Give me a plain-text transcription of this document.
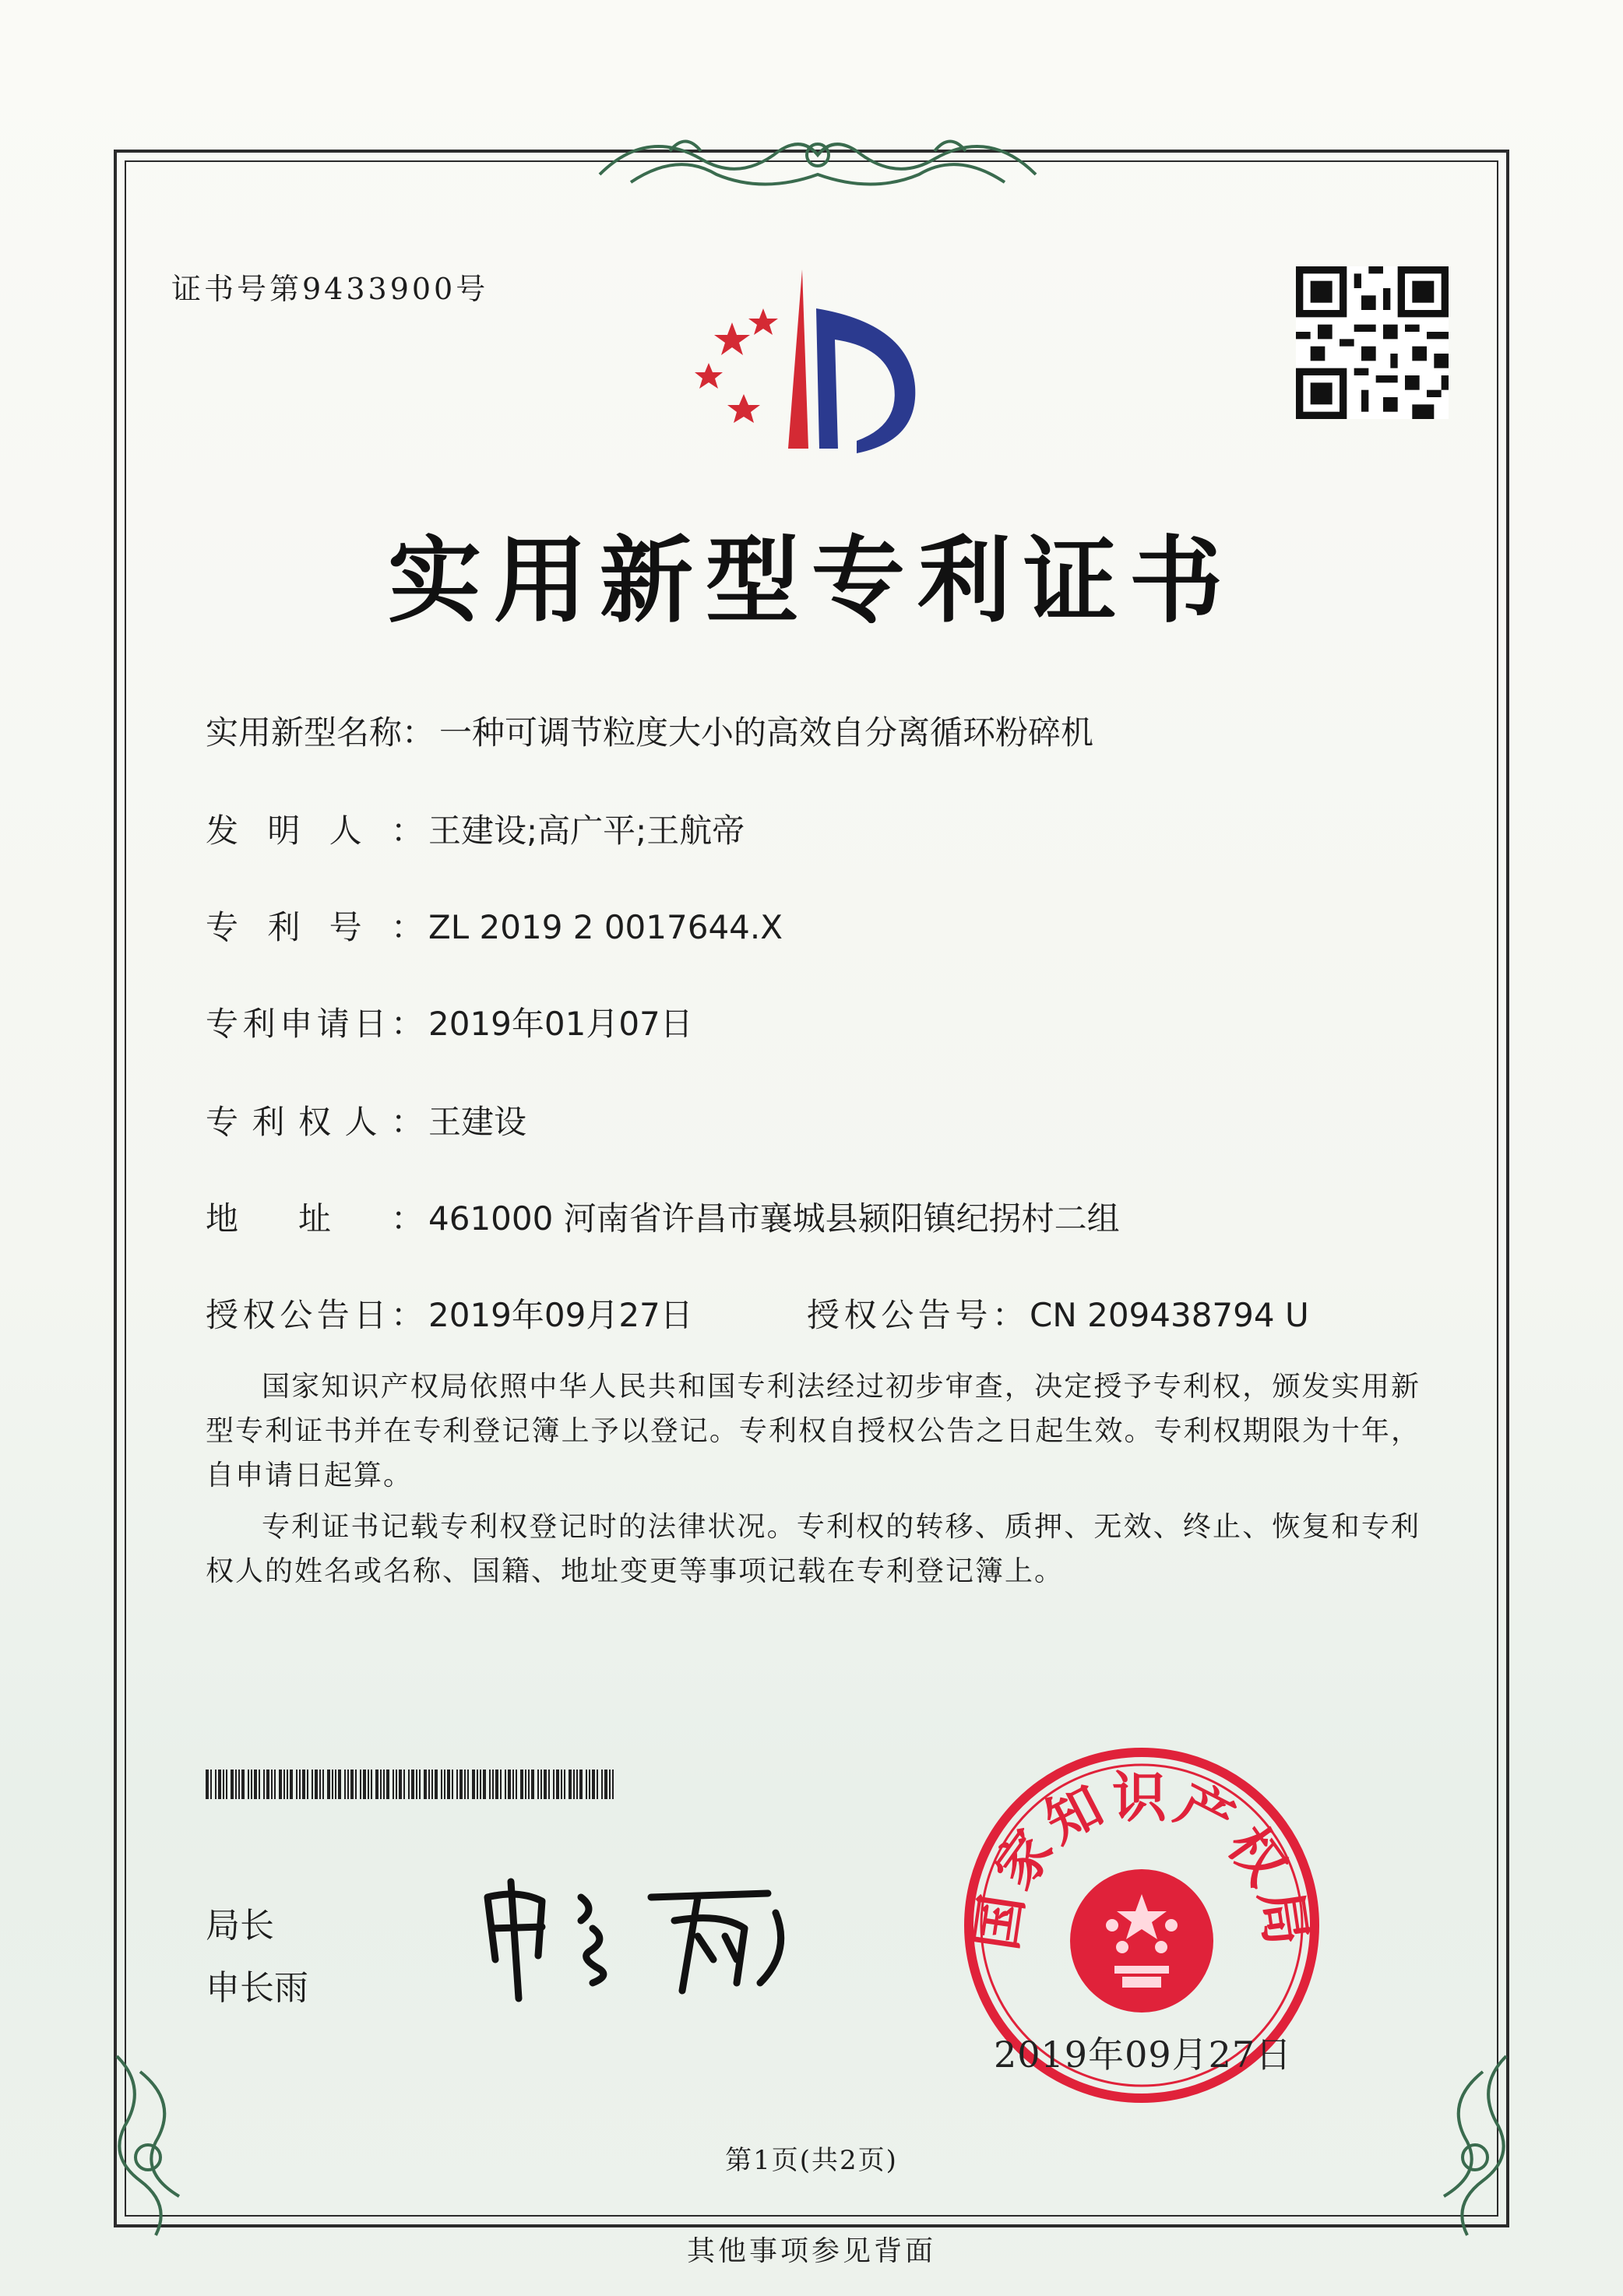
证书号第9433900号
实用新型专利证书
实用新型名称： 一种可调节粒度大小的高效自分离循环粉碎机
发明人： 王建设;高广平;王航帝
专利号： ZL 2019 2 0017644.X
专利申请日： 2019年01月07日
专利权人： 王建设
地址： 461000 河南省许昌市襄城县颍阳镇纪拐村二组
授权公告日： 2019年09月27日	授权公告号： CN 209438794 U
国家知识产权局依照中华人民共和国专利法经过初步审查，决定授予专利权，颁发实用新型专利证书并在专利登记簿上予以登记。专利权自授权公告之日起生效。专利权期限为十年，自申请日起算。
专利证书记载专利权登记时的法律状况。专利权的转移、质押、无效、终止、恢复和专利权人的姓名或名称、国籍、地址变更等事项记载在专利登记簿上。
局长
申长雨
国家知识产权局
2019年09月27日
第1页(共2页)
其他事项参见背面
